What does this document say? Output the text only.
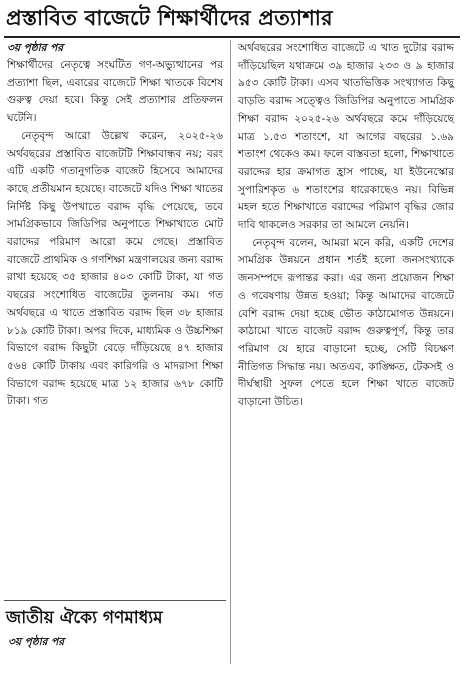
প্রস্তাবিত বাজেটে শিক্ষার্থীদের প্রত্যাশার
৩য় পৃষ্ঠার পর

শিক্ষার্থীদের নেতৃত্বে সংঘটিত গণ-অভ্যুত্থানের পর প্রত্যাশা ছিল, এবারের বাজেটে শিক্ষা খাতকে বিশেষ গুরুত্ব দেয়া হবে। কিন্তু সেই প্রত্যাশার প্রতিফলন ঘটেনি।

নেতৃবৃন্দ আরো উল্লেখ করেন, ২০২৫-২৬ অর্থবছরের প্রস্তাবিত বাজেটটি শিক্ষাবান্ধব নয়; বরং এটি একটি গতানুগতিক বাজেট হিসেবে আমাদের কাছে প্রতীয়মান হয়েছে। বাজেটে যদিও শিক্ষা খাতের নির্দিষ্ট কিছু উপখাতে বরাদ্দ বৃদ্ধি পেয়েছে, তবে সামগ্রিকভাবে জিডিপির অনুপাতে শিক্ষাখাতে মোট বরাদ্দের পরিমাণ আরো কমে গেছে। প্রস্তাবিত বাজেটে প্রাথমিক ও গণশিক্ষা মন্ত্রণালয়ের জন্য বরাদ্দ রাখা হয়েছে ৩৫ হাজার ৪০৩ কোটি টাকা, যা গত বছরের সংশোধিত বাজেটের তুলনায় কম। গত অর্থবছরে এ খাতে প্রস্তাবিত বরাদ্দ ছিল ৩৮ হাজার ৮১৯ কোটি টাকা। অপর দিকে, মাধ্যমিক ও উচ্চশিক্ষা বিভাগে বরাদ্দ কিছুটা বেড়ে দাঁড়িয়েছে ৪৭ হাজার ৫৬৪ কোটি টাকায় এবং কারিগরি ও মাদরাসা শিক্ষা বিভাগে বরাদ্দ হয়েছে মাত্র ১২ হাজার ৬৭৮ কোটি টাকা। গত

অর্থবছরের সংশোধিত বাজেটে এ খাত দুটোর বরাদ্দ দাঁড়িয়েছিল যথাক্রমে ৩৯ হাজার ২৩৩ ও ৯ হাজার ৯৫৩ কোটি টাকা। এসব খাতভিত্তিক সংখ্যাগত কিছু বাড়তি বরাদ্দ সত্ত্বেও জিডিপির অনুপাতে সামগ্রিক শিক্ষা বরাদ্দ ২০২৫-২৬ অর্থবছরে কমে দাঁড়িয়েছে মাত্র ১.৫৩ শতাংশে, যা আগের বছরের ১.৬৯ শতাংশ থেকেও কম। ফলে বাস্তবতা হলো, শিক্ষাখাতে বরাদ্দের হার ক্রমাগত হ্রাস পাচ্ছে, যা ইউনেস্কোর সুপারিশকৃত ৬ শতাংশের ধারেকাছেও নয়। বিভিন্ন মহল হতে শিক্ষাখাতে বরাদ্দের পরিমাণ বৃদ্ধির জোর দাবি থাকলেও সরকার তা আমলে নেয়নি।

নেতৃবৃন্দ বলেন, আমরা মনে করি, একটি দেশের সামগ্রিক উন্নয়নে প্রধান শর্তই হলো জনসংখ্যাকে জনসম্পদে রূপান্তর করা। এর জন্য প্রয়োজন শিক্ষা ও গবেষণায় উন্নত হওয়া; কিন্তু আমাদের বাজেটে বেশি বরাদ্দ দেয়া হচ্ছে ভৌত কাঠামোগত উন্নয়নে। কাঠামো খাতে বাজেট বরাদ্দ গুরুত্বপূর্ণ, কিন্তু তার পরিমাণ যে হারে বাড়ানো হচ্ছে, সেটি বিচক্ষণ নীতিগত সিদ্ধান্ত নয়। অতএব, কাঙ্ক্ষিত, টেকসই ও দীর্ঘস্থায়ী সুফল পেতে হলে শিক্ষা খাতে বাজেট বাড়ানো উচিত।

জাতীয় ঐক্যে গণমাধ্যম
৩য় পৃষ্ঠার পর
